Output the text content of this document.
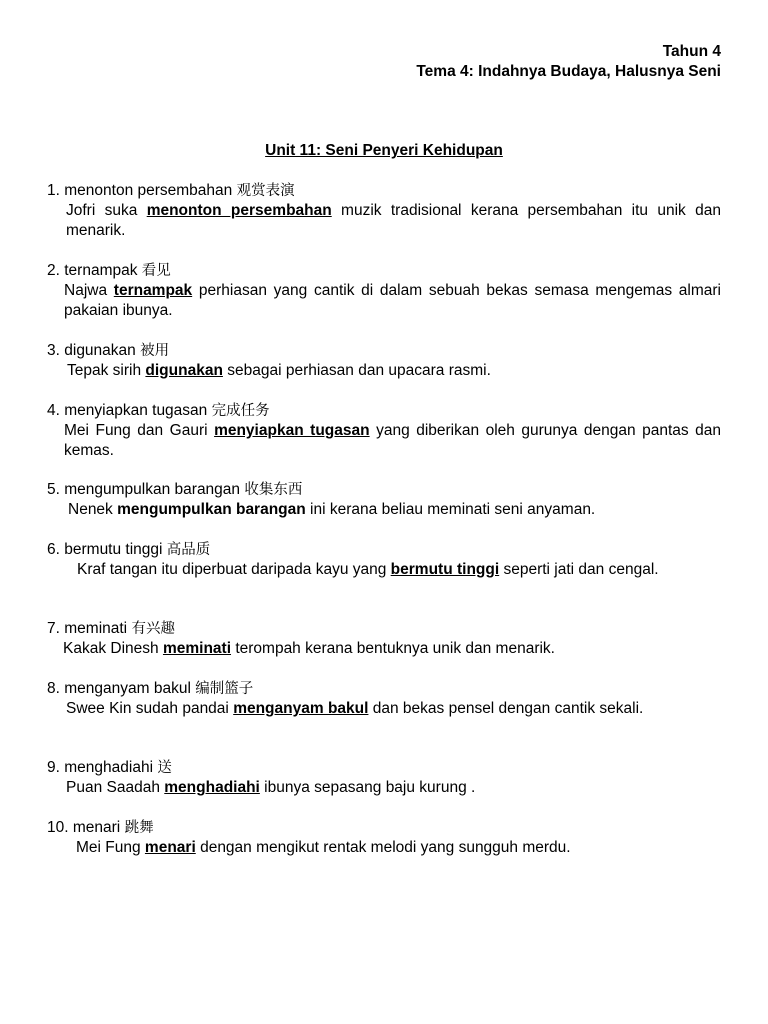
Tahun 4
Tema 4: Indahnya Budaya, Halusnya Seni
Unit 11: Seni Penyeri Kehidupan
1. menonton persembahan 观赏表演
Jofri suka menonton persembahan muzik tradisional kerana persembahan itu unik dan menarik.
2. ternampak 看见
Najwa ternampak perhiasan yang cantik di dalam sebuah bekas semasa mengemas almari pakaian ibunya.
3. digunakan 被用
Tepak sirih digunakan sebagai perhiasan dan upacara rasmi.
4. menyiapkan tugasan 完成任务
Mei Fung dan Gauri menyiapkan tugasan yang diberikan oleh gurunya dengan pantas dan kemas.
5. mengumpulkan barangan 收集东西
Nenek mengumpulkan barangan ini kerana beliau meminati seni anyaman.
6. bermutu tinggi 高品质
Kraf tangan itu diperbuat daripada kayu yang bermutu tinggi seperti jati dan cengal.
7. meminati 有兴趣
Kakak Dinesh meminati terompah kerana bentuknya unik dan menarik.
8. menganyam bakul 编制篮子
Swee Kin sudah pandai menganyam bakul dan bekas pensel dengan cantik sekali.
9. menghadiahi 送
Puan Saadah menghadiahi ibunya sepasang baju kurung .
10. menari 跳舞
Mei Fung menari dengan mengikut rentak melodi yang sungguh merdu.
